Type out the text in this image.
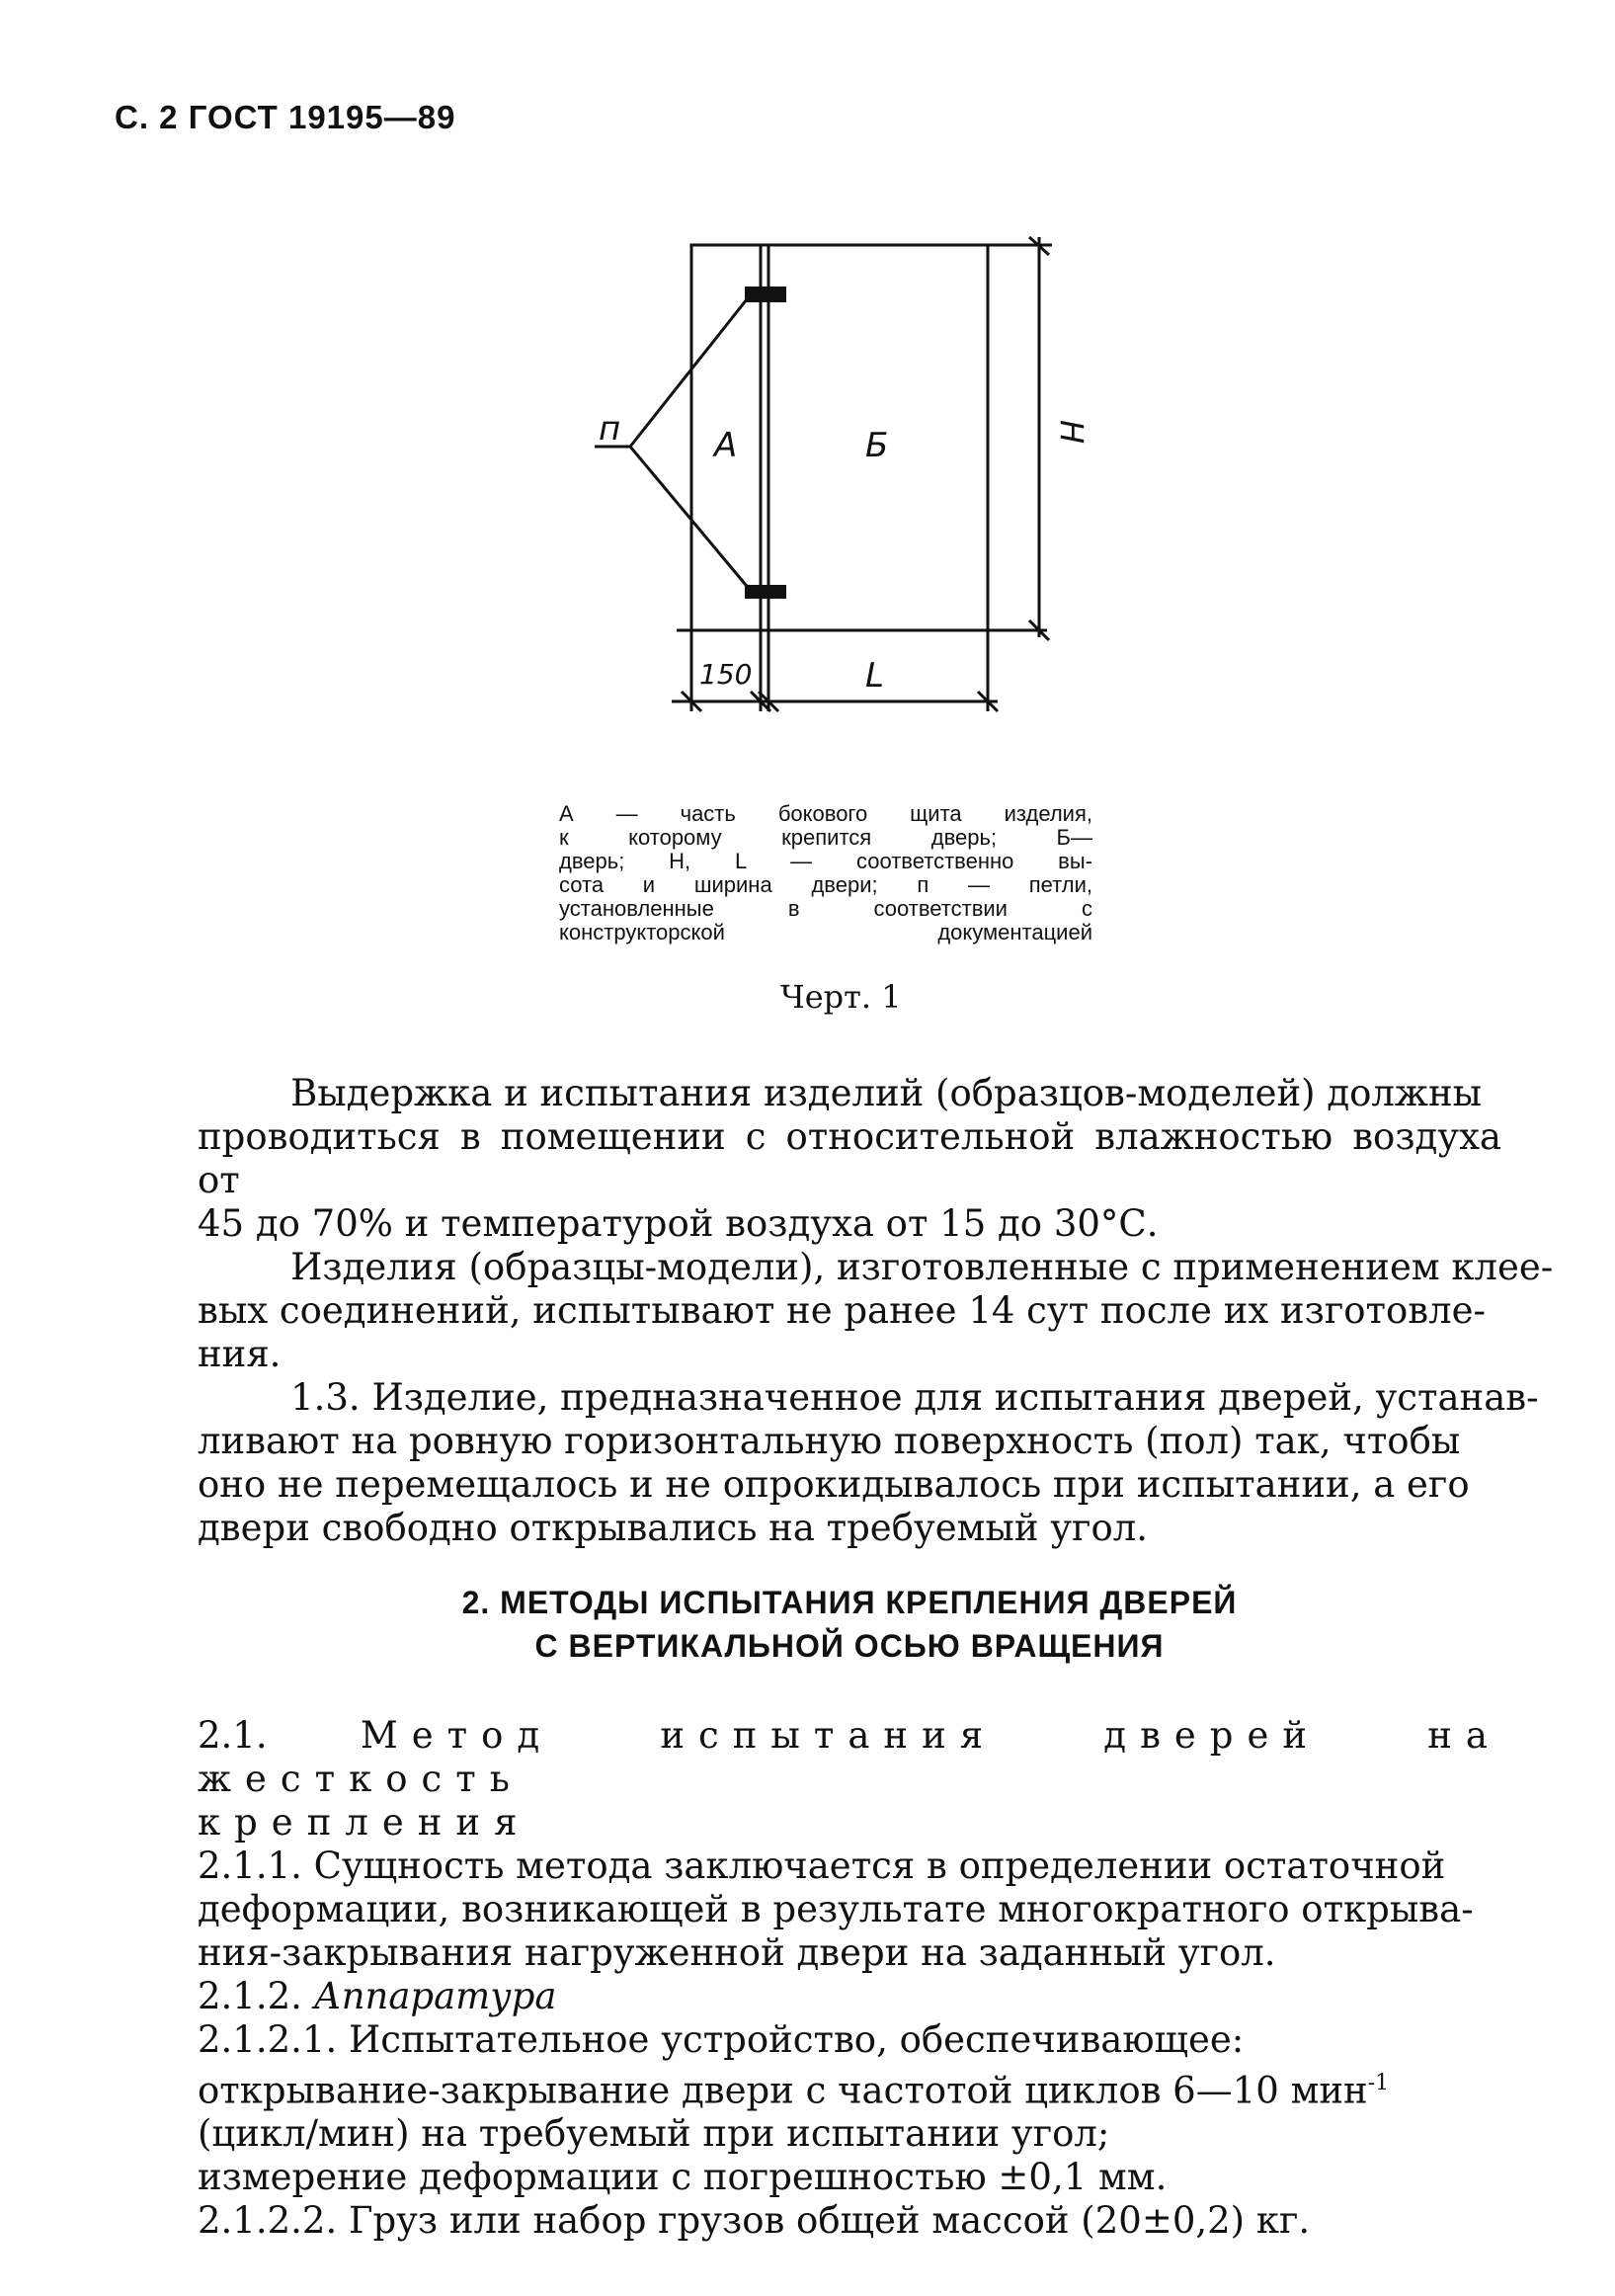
С. 2 ГОСТ 19195—89
А	Б
п
L
150
H
А — часть бокового щита изделия,
к которому крепится дверь; Б—
дверь; H, L — соответственно вы-
сота и ширина двери; п — петли,
установленные в соответствии с
конструкторской документацией
Черт. 1

Выдержка и испытания изделий (образцов-моделей) должны

проводиться в помещении с относительной влажностью воздуха от

45 до 70% и температурой воздуха от 15 до 30°С.

Изделия (образцы-модели), изготовленные с применением клее-

вых соединений, испытывают не ранее 14 сут после их изготовле-

ния.

1.3. Изделие, предназначенное для испытания дверей, устанав-

ливают на ровную горизонтальную поверхность (пол) так, чтобы

оно не перемещалось и не опрокидывалось при испытании, а его

двери свободно открывались на требуемый угол.

2. МЕТОДЫ ИСПЫТАНИЯ КРЕПЛЕНИЯ ДВЕРЕЙ
С ВЕРТИКАЛЬНОЙ ОСЬЮ ВРАЩЕНИЯ

2.1.	Метод испытания дверей на жесткость

крепления

2.1.1. Сущность метода заключается в определении остаточной

деформации, возникающей в результате многократного открыва-

ния-закрывания нагруженной двери на заданный угол.

2.1.2. Аппаратура

2.1.2.1. Испытательное устройство, обеспечивающее:

открывание-закрывание двери с частотой циклов 6—10 мин$^{-1}$

(цикл/мин) на требуемый при испытании угол;

измерение деформации с погрешностью ±0,1 мм.

2.1.2.2. Груз или набор грузов общей массой (20±0,2) кг.
